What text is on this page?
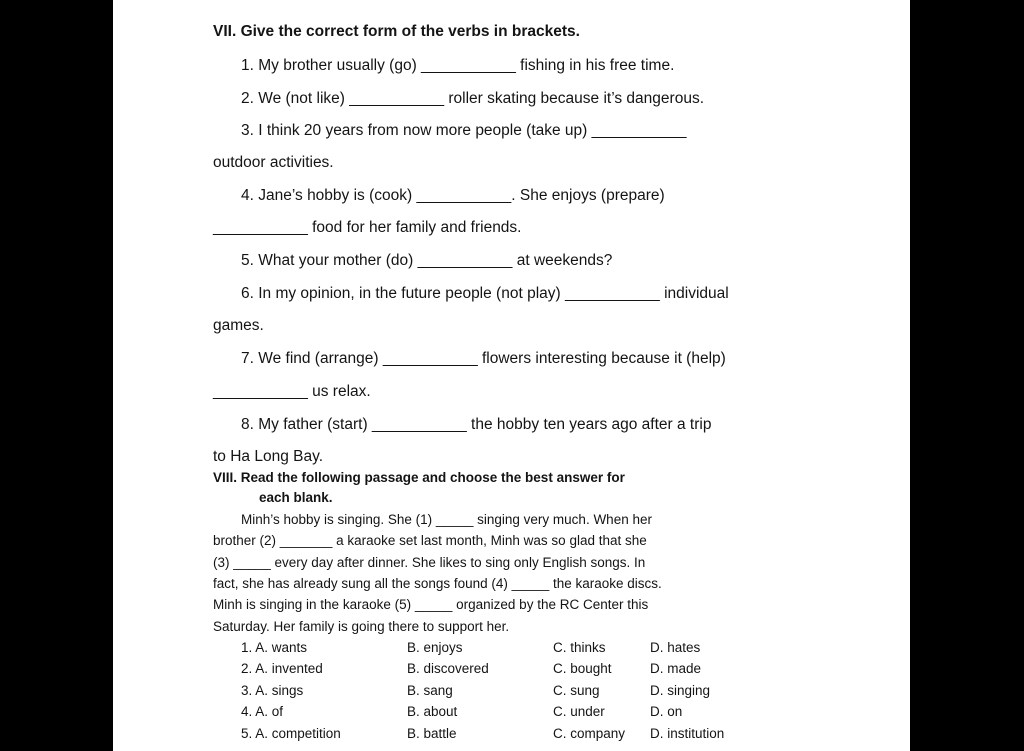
VII. Give the correct form of the verbs in brackets.
1. My brother usually (go) ___________ fishing in his free time.
2. We (not like) ___________ roller skating because it’s dangerous.
3. I think 20 years from now more people (take up) ___________
outdoor activities.
4. Jane’s hobby is (cook) ___________. She enjoys (prepare)
___________ food for her family and friends.
5. What your mother (do) ___________ at weekends?
6. In my opinion, in the future people (not play) ___________ individual
games.
7. We find (arrange) ___________ flowers interesting because it (help)
___________ us relax.
8. My father (start) ___________ the hobby ten years ago after a trip
to Ha Long Bay.
VIII. Read the following passage and choose the best answer for
each blank.
Minh’s hobby is singing. She (1) _____ singing very much. When her
brother (2) _______ a karaoke set last month, Minh was so glad that she
(3) _____ every day after dinner. She likes to sing only English songs. In
fact, she has already sung all the songs found (4) _____ the karaoke discs.
Minh is singing in the karaoke (5) _____ organized by the RC Center this
Saturday. Her family is going there to support her.
1. A. wants	B. enjoys	C. thinks	D. hates
2. A. invented	B. discovered	C. bought	D. made
3. A. sings	B. sang	C. sung	D. singing
4. A. of	B. about	C. under	D. on
5. A. competition	B. battle	C. company D. institution
